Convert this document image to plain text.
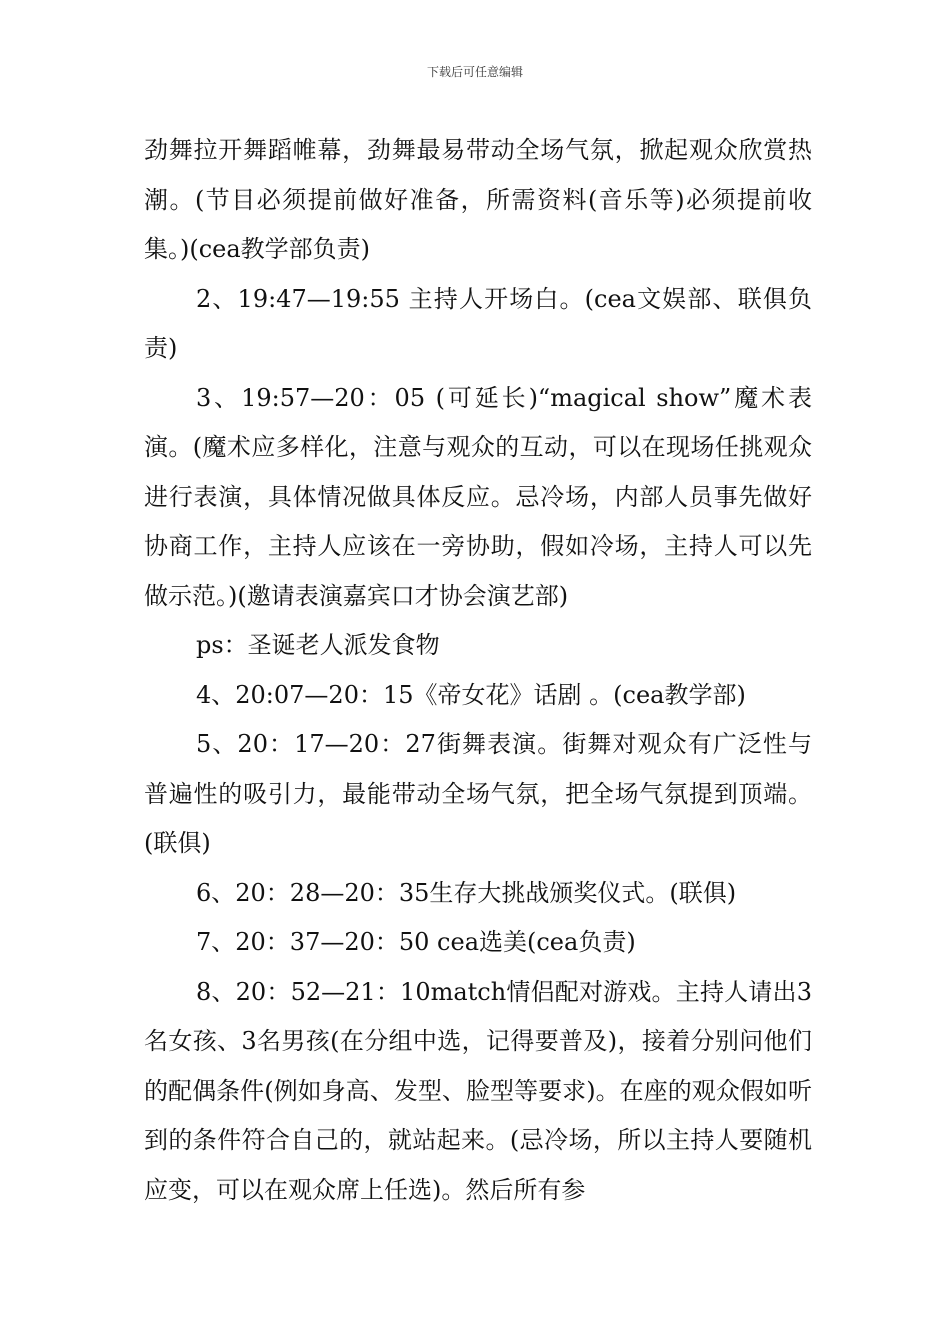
下载后可任意编辑

劲舞拉开舞蹈帷幕，劲舞最易带动全场气氛，掀起观众欣赏热潮。(节目必须提前做好准备，所需资料(音乐等)必须提前收集。)(cea教学部负责)

2、19:47—19:55 主持人开场白。(cea文娱部、联俱负责)

3、19:57—20：05 (可延长)“magical show”魔术表演。(魔术应多样化，注意与观众的互动，可以在现场任挑观众进行表演，具体情况做具体反应。忌冷场，内部人员事先做好协商工作，主持人应该在一旁协助，假如冷场，主持人可以先做示范。)(邀请表演嘉宾口才协会演艺部)

ps：圣诞老人派发食物

4、20:07—20：15《帝女花》话剧 。(cea教学部)

5、20：17—20：27街舞表演。街舞对观众有广泛性与普遍性的吸引力，最能带动全场气氛，把全场气氛提到顶端。(联俱)

6、20：28—20：35生存大挑战颁奖仪式。(联俱)

7、20：37—20：50 cea选美(cea负责)

8、20：52—21：10match情侣配对游戏。主持人请出3名女孩、3名男孩(在分组中选，记得要普及)，接着分别问他们的配偶条件(例如身高、发型、脸型等要求)。在座的观众假如听到的条件符合自己的，就站起来。(忌冷场，所以主持人要随机应变，可以在观众席上任选)。然后所有参
